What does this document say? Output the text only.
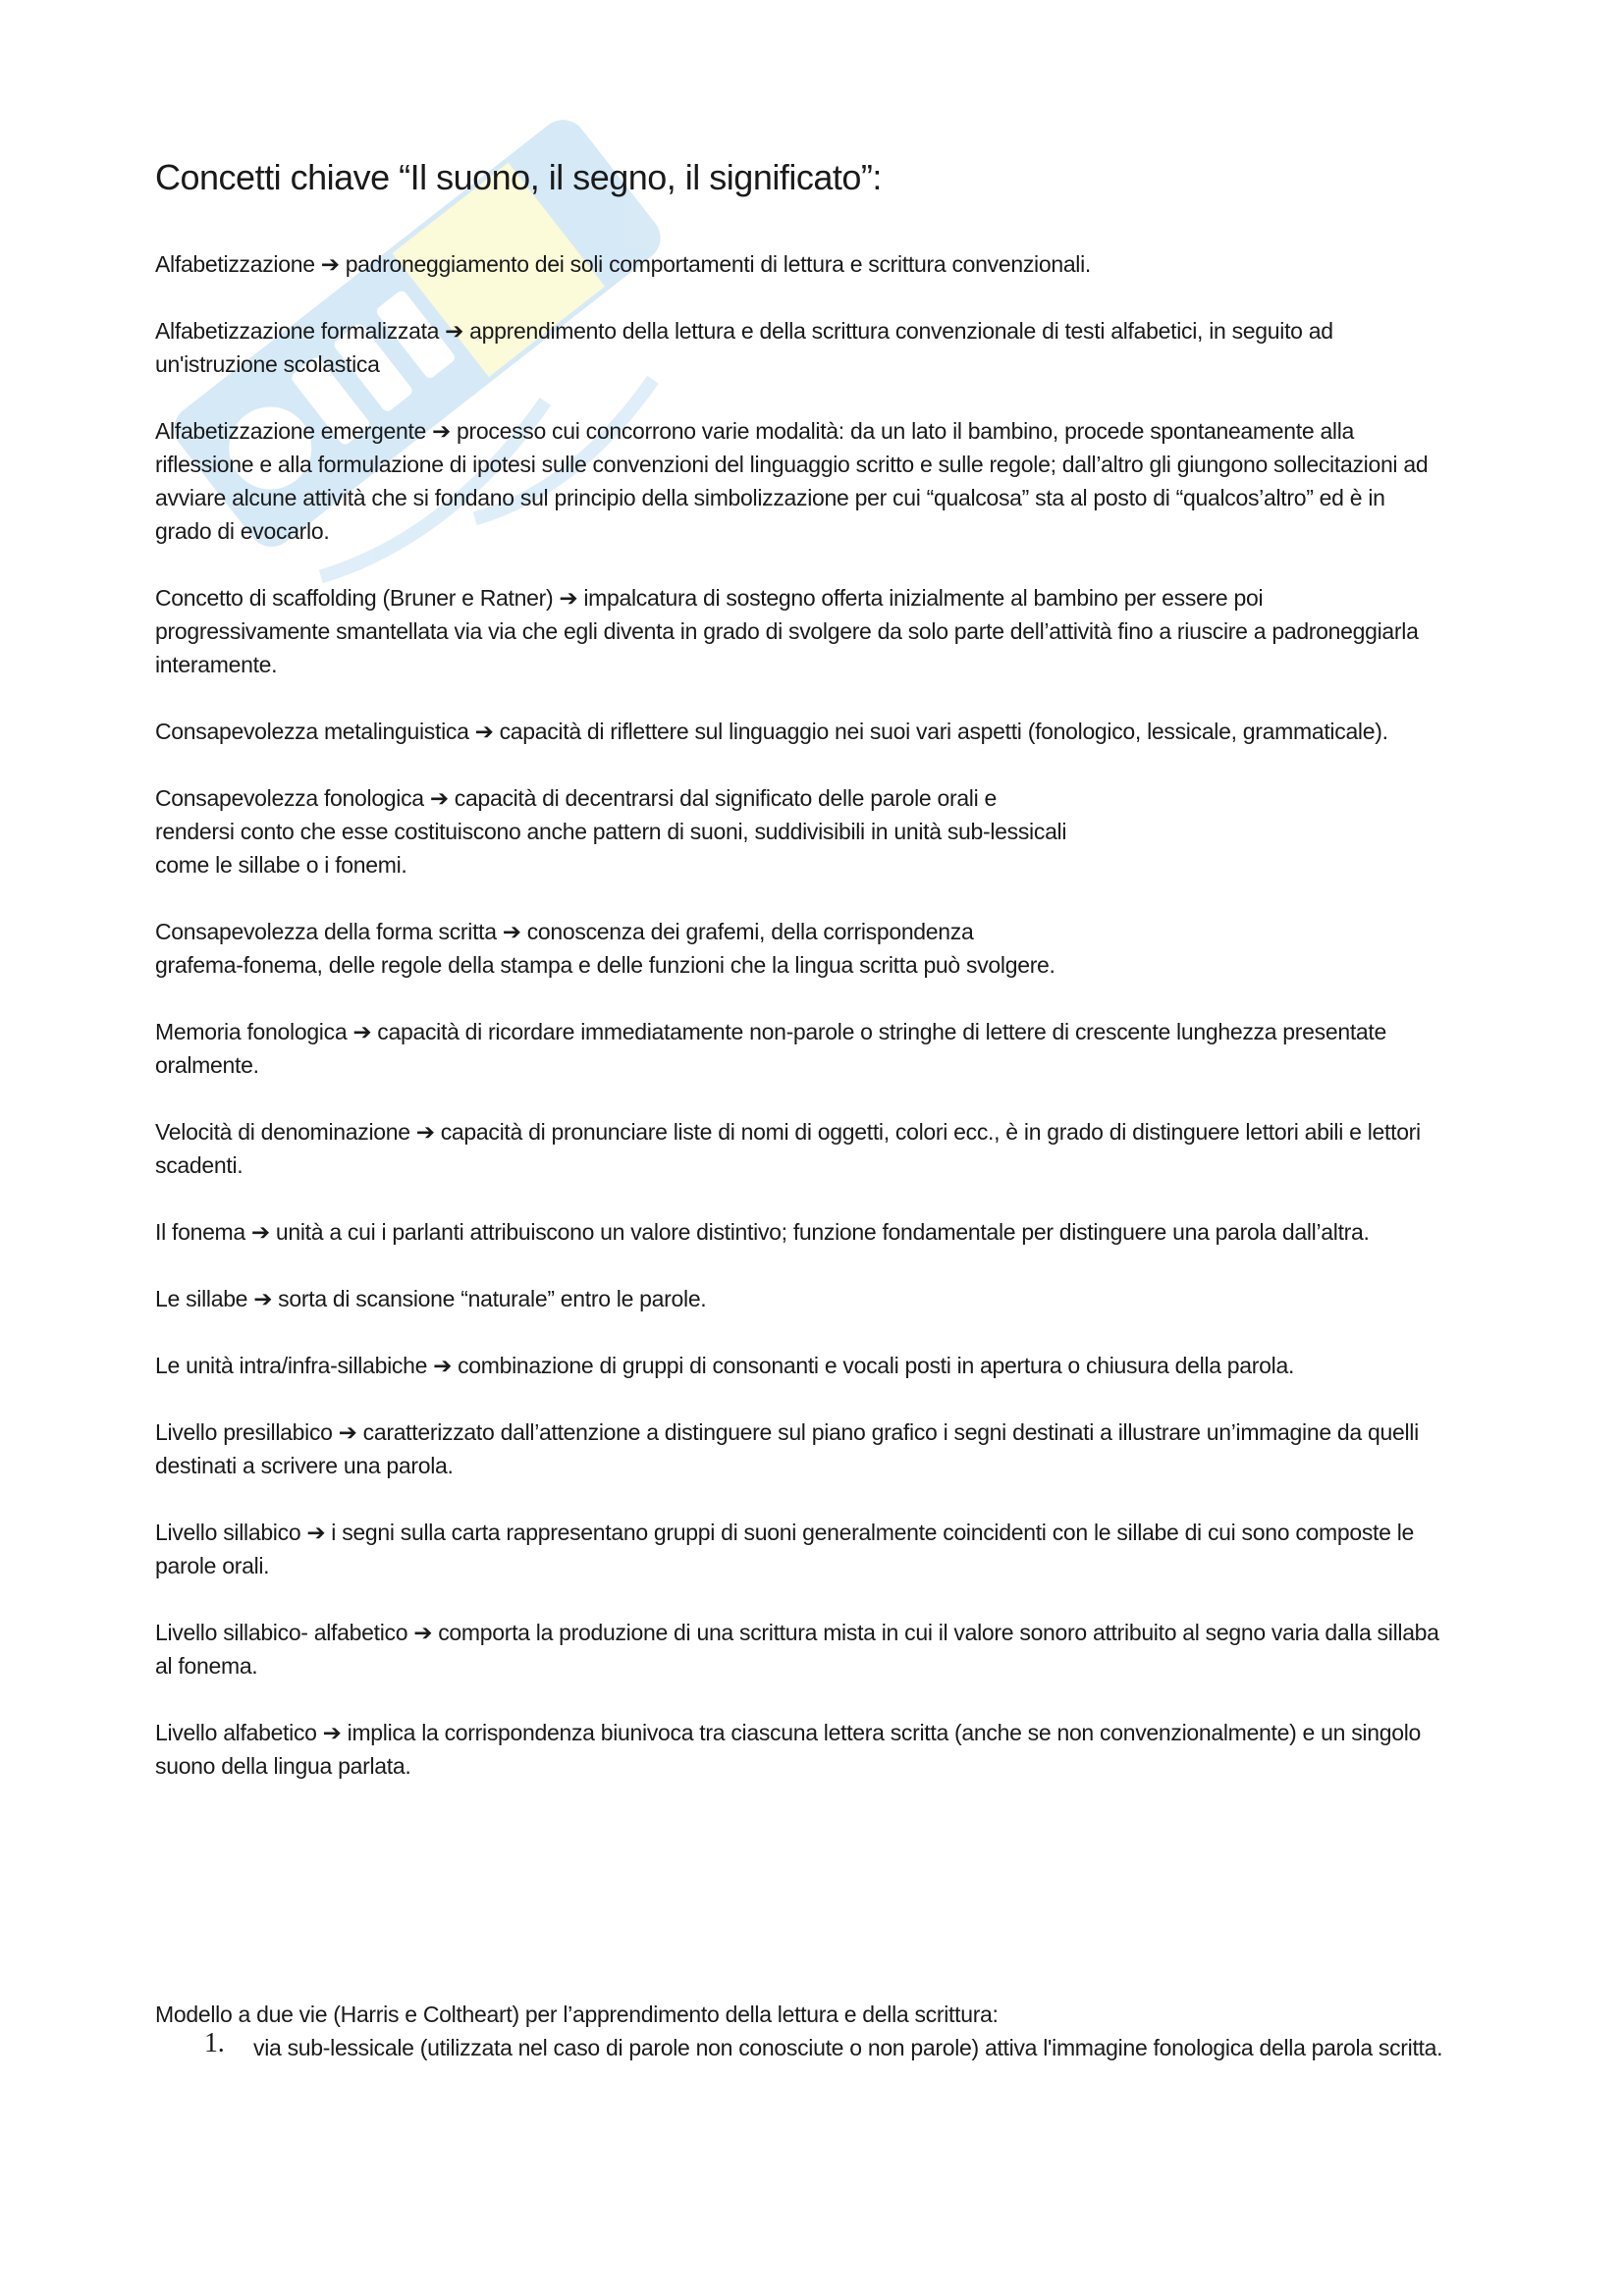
Concetti chiave “Il suono, il segno, il significato”:

Alfabetizzazione ➔ padroneggiamento dei soli comportamenti di lettura e scrittura convenzionali.

Alfabetizzazione formalizzata ➔ apprendimento della lettura e della scrittura convenzionale di testi alfabetici, in seguito ad
un'istruzione scolastica

Alfabetizzazione emergente ➔ processo cui concorrono varie modalità: da un lato il bambino, procede spontaneamente alla
riflessione e alla formulazione di ipotesi sulle convenzioni del linguaggio scritto e sulle regole; dall’altro gli giungono sollecitazioni ad
avviare alcune attività che si fondano sul principio della simbolizzazione per cui “qualcosa” sta al posto di “qualcos’altro” ed è in
grado di evocarlo.

Concetto di scaffolding (Bruner e Ratner) ➔ impalcatura di sostegno offerta inizialmente al bambino per essere poi
progressivamente smantellata via via che egli diventa in grado di svolgere da solo parte dell’attività fino a riuscire a padroneggiarla
interamente.

Consapevolezza metalinguistica ➔ capacità di riflettere sul linguaggio nei suoi vari aspetti (fonologico, lessicale, grammaticale).

Consapevolezza fonologica ➔ capacità di decentrarsi dal significato delle parole orali e
rendersi conto che esse costituiscono anche pattern di suoni, suddivisibili in unità sub-lessicali
come le sillabe o i fonemi.

Consapevolezza della forma scritta ➔ conoscenza dei grafemi, della corrispondenza
grafema-fonema, delle regole della stampa e delle funzioni che la lingua scritta può svolgere.

Memoria fonologica ➔ capacità di ricordare immediatamente non-parole o stringhe di lettere di crescente lunghezza presentate
oralmente.

Velocità di denominazione ➔ capacità di pronunciare liste di nomi di oggetti, colori ecc., è in grado di distinguere lettori abili e lettori
scadenti.

Il fonema ➔ unità a cui i parlanti attribuiscono un valore distintivo; funzione fondamentale per distinguere una parola dall’altra.

Le sillabe ➔ sorta di scansione “naturale” entro le parole.

Le unità intra/infra-sillabiche ➔ combinazione di gruppi di consonanti e vocali posti in apertura o chiusura della parola.

Livello presillabico ➔ caratterizzato dall’attenzione a distinguere sul piano grafico i segni destinati a illustrare un’immagine da quelli
destinati a scrivere una parola.

Livello sillabico ➔ i segni sulla carta rappresentano gruppi di suoni generalmente coincidenti con le sillabe di cui sono composte le
parole orali.

Livello sillabico- alfabetico ➔ comporta la produzione di una scrittura mista in cui il valore sonoro attribuito al segno varia dalla sillaba
al fonema.

Livello alfabetico ➔ implica la corrispondenza biunivoca tra ciascuna lettera scritta (anche se non convenzionalmente) e un singolo
suono della lingua parlata.

Modello a due vie (Harris e Coltheart) per l’apprendimento della lettura e della scrittura:

1. via sub-lessicale (utilizzata nel caso di parole non conosciute o non parole) attiva l'immagine fonologica della parola scritta.
